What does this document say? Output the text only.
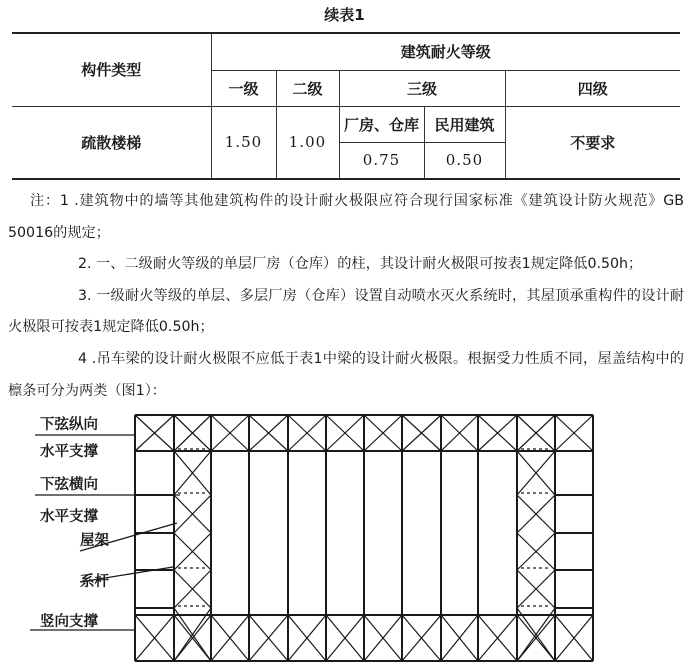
续表1
构件类型	建筑耐火等级				
	一级	二级	三级		四级
疏散楼梯	1.50	1.00	厂房、仓库	民用建筑	不要求
			0.75	0.50	

注：1 .建筑物中的墙等其他建筑构件的设计耐火极限应符合现行国家标准《建筑设计防火规范》GB 50016的规定；

2. 一、二级耐火等级的单层厂房（仓库）的柱，其设计耐火极限可按表1规定降低0.50h；

3. 一级耐火等级的单层、多层厂房（仓库）设置自动喷水灭火系统时，其屋顶承重构件的设计耐火极限可按表1规定降低0.50h；

4 .吊车梁的设计耐火极限不应低于表1中梁的设计耐火极限。根据受力性质不同，屋盖结构中的檩条可分为两类（图1）：

下弦纵向
水平支撑
下弦横向
水平支撑
屋架
系杆
竖向支撑
